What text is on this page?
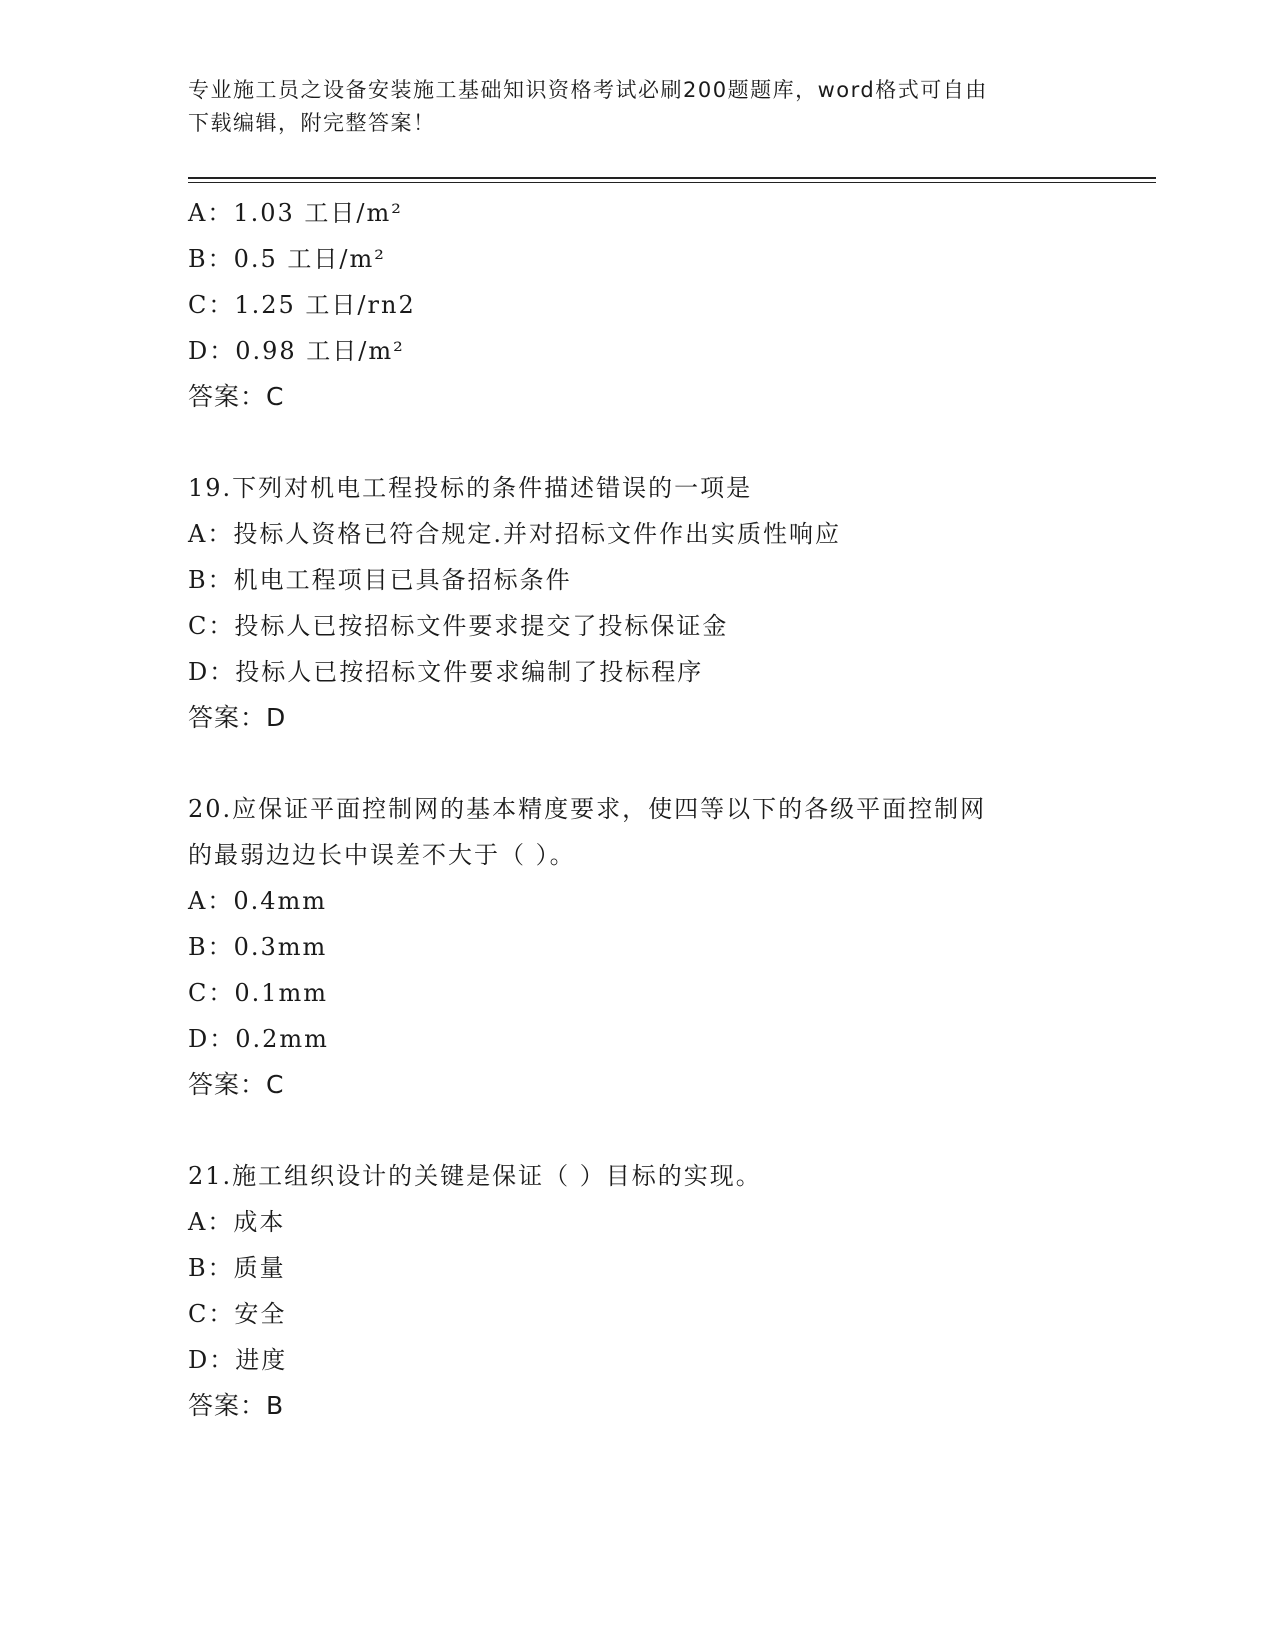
专业施工员之设备安装施工基础知识资格考试必刷200题题库，word格式可自由
下载编辑，附完整答案！
A：1.03 工日/m²
B：0.5 工日/m²
C：1.25 工日/rn2
D：0.98 工日/m²
答案：C
19.下列对机电工程投标的条件描述错误的一项是
A：投标人资格已符合规定.并对招标文件作出实质性响应
B：机电工程项目已具备招标条件
C：投标人已按招标文件要求提交了投标保证金
D：投标人已按招标文件要求编制了投标程序
答案：D
20.应保证平面控制网的基本精度要求，使四等以下的各级平面控制网
的最弱边边长中误差不大于（ ）。
A：0.4mm
B：0.3mm
C：0.1mm
D：0.2mm
答案：C
21.施工组织设计的关键是保证（ ）目标的实现。
A：成本
B：质量
C：安全
D：进度
答案：B
